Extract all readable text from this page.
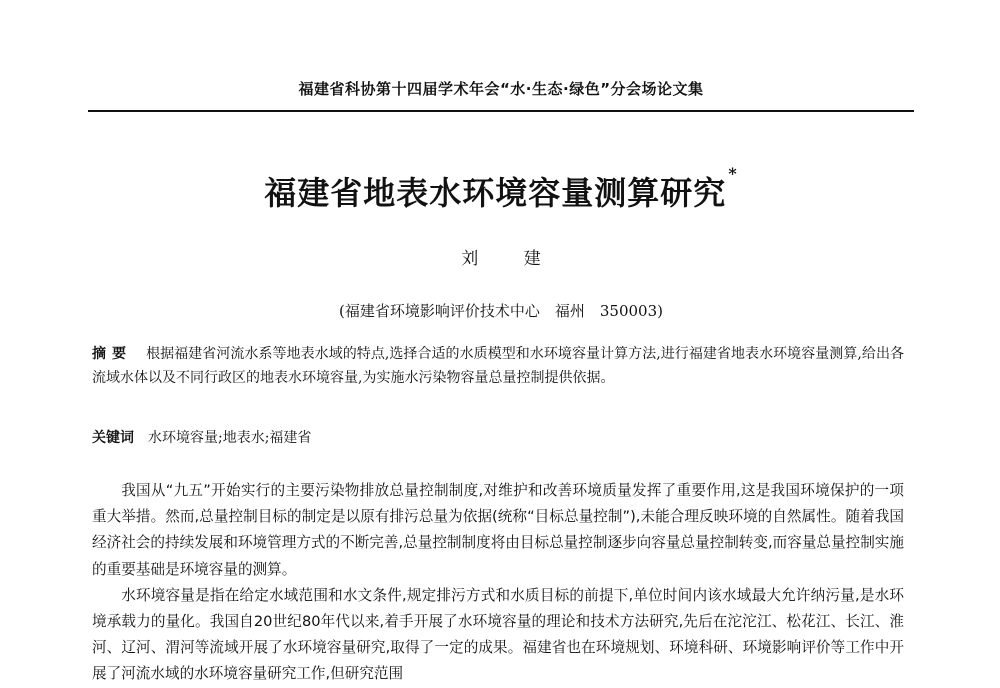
福建省科协第十四届学术年会“水·生态·绿色”分会场论文集
福建省地表水环境容量测算研究*
刘 建
(福建省环境影响评价技术中心　福州　350003)
摘要 根据福建省河流水系等地表水域的特点,选择合适的水质模型和水环境容量计算方法,进行福建省地表水环境容量测算,给出各流域水体以及不同行政区的地表水环境容量,为实施水污染物容量总量控制提供依据。
关键词 水环境容量;地表水;福建省

我国从“九五”开始实行的主要污染物排放总量控制制度,对维护和改善环境质量发挥了重要作用,这是我国环境保护的一项重大举措。然而,总量控制目标的制定是以原有排污总量为依据(统称“目标总量控制”),未能合理反映环境的自然属性。随着我国经济社会的持续发展和环境管理方式的不断完善,总量控制制度将由目标总量控制逐步向容量总量控制转变,而容量总量控制实施的重要基础是环境容量的测算。

水环境容量是指在给定水域范围和水文条件,规定排污方式和水质目标的前提下,单位时间内该水域最大允许纳污量,是水环境承载力的量化。我国自20世纪80年代以来,着手开展了水环境容量的理论和技术方法研究,先后在沱沱江、松花江、长江、淮河、辽河、渭河等流域开展了水环境容量研究,取得了一定的成果。福建省也在环境规划、环境科研、环境影响评价等工作中开展了河流水域的水环境容量研究工作,但研究范围
